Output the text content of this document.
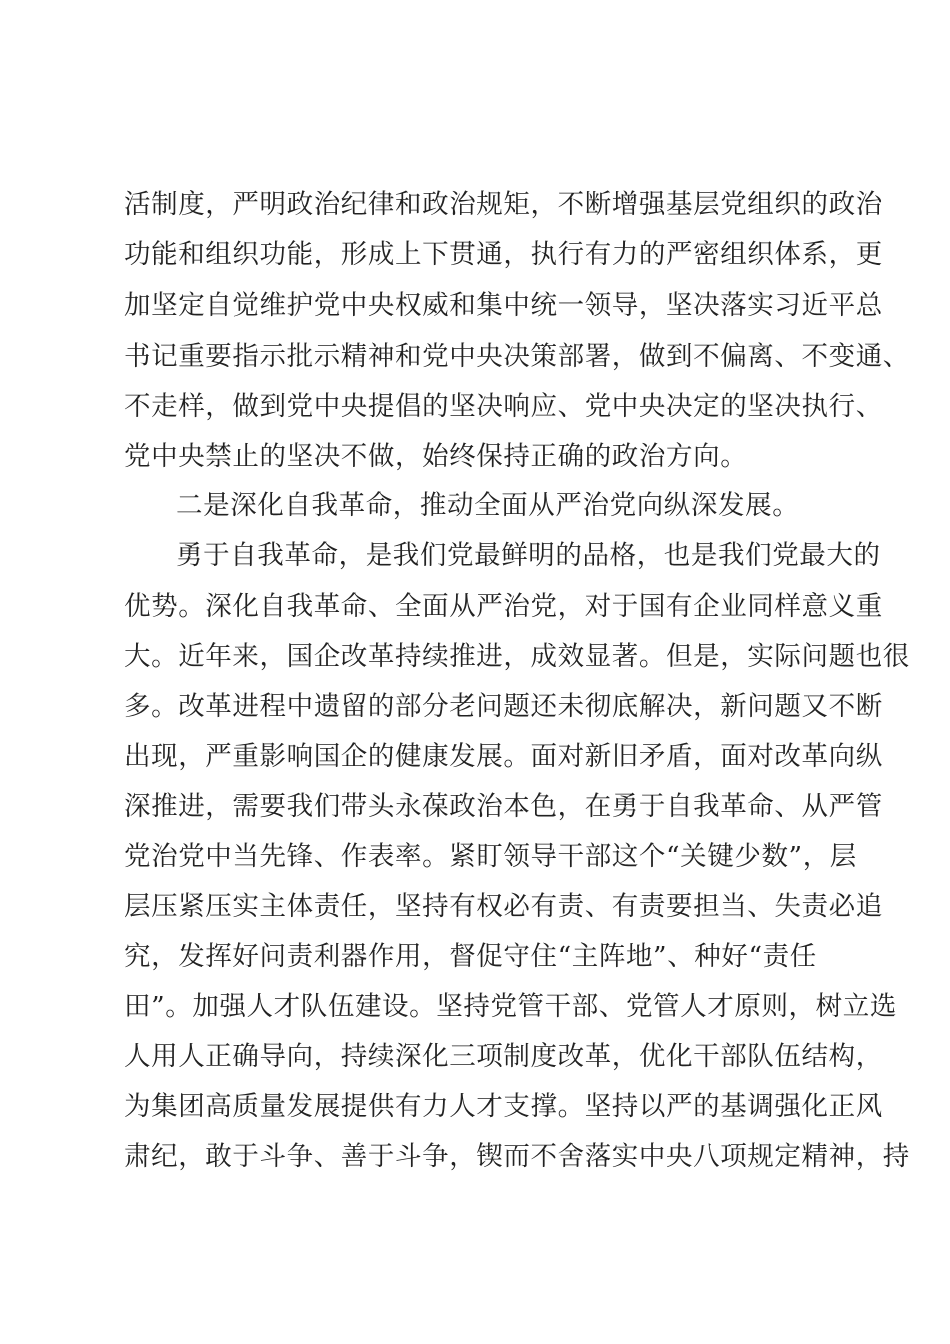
活制度，严明政治纪律和政治规矩，不断增强基层党组织的政治
功能和组织功能，形成上下贯通，执行有力的严密组织体系，更
加坚定自觉维护党中央权威和集中统一领导，坚决落实习近平总
书记重要指示批示精神和党中央决策部署，做到不偏离、不变通、
不走样，做到党中央提倡的坚决响应、党中央决定的坚决执行、
党中央禁止的坚决不做，始终保持正确的政治方向。
二是深化自我革命，推动全面从严治党向纵深发展。
勇于自我革命，是我们党最鲜明的品格，也是我们党最大的
优势。深化自我革命、全面从严治党，对于国有企业同样意义重
大。近年来，国企改革持续推进，成效显著。但是，实际问题也很
多。改革进程中遗留的部分老问题还未彻底解决，新问题又不断
出现，严重影响国企的健康发展。面对新旧矛盾，面对改革向纵
深推进，需要我们带头永葆政治本色，在勇于自我革命、从严管
党治党中当先锋、作表率。紧盯领导干部这个“关键少数”，层
层压紧压实主体责任，坚持有权必有责、有责要担当、失责必追
究，发挥好问责利器作用，督促守住“主阵地”、种好“责任
田”。加强人才队伍建设。坚持党管干部、党管人才原则，树立选
人用人正确导向，持续深化三项制度改革，优化干部队伍结构，
为集团高质量发展提供有力人才支撑。坚持以严的基调强化正风
肃纪，敢于斗争、善于斗争，锲而不舍落实中央八项规定精神，持
